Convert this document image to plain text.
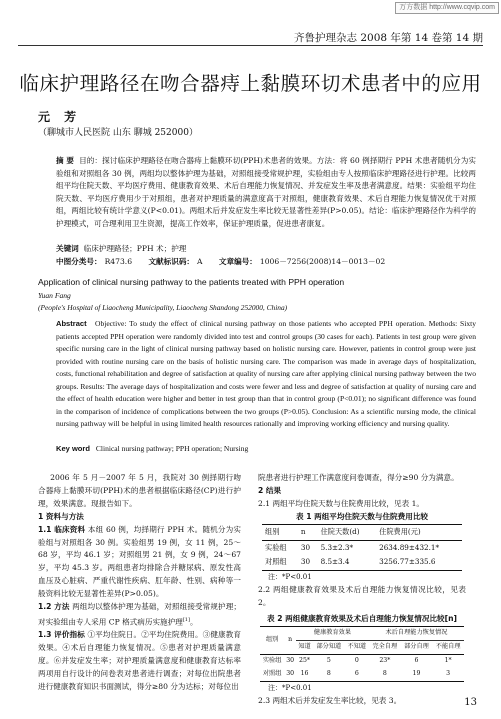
万方数据 http://www.cqvip.com
齐鲁护理杂志 2008 年第 14 卷第 14 期
临床护理路径在吻合器痔上黏膜环切术患者中的应用
元 芳
（聊城市人民医院 山东 聊城 252000）
摘 要 目的：探讨临床护理路径在吻合器痔上黏膜环切(PPH)术患者的效果。方法：将 60 例择期行 PPH 术患者随机分为实验组和对照组各 30 例，两组均以整体护理为基础，对照组接受常规护理，实验组由专人按照临床护理路径进行护理。比较两组平均住院天数、平均医疗费用、健康教育效果、术后自理能力恢复情况、并发症发生率及患者满意度。结果：实验组平均住院天数、平均医疗费用少于对照组，患者对护理质量的满意度高于对照组，健康教育效果、术后自理能力恢复情况优于对照组，两组比较有统计学意义(P<0.01)。两组术后并发症发生率比较无显著性差异(P>0.05)。结论：临床护理路径作为科学的护理模式，可合理利用卫生资源，提高工作效率，保证护理质量，促进患者康复。
关键词 临床护理路径；PPH 术；护理
中图分类号： R473.6 文献标识码： A 文章编号： 1006－7256(2008)14－0013－02
Application of clinical nursing pathway to the patients treated with PPH operation
Yuan Fang
(People's Hospital of Liaocheng Municipality, Liaocheng Shandong 252000, China)
Abstract Objective: To study the effect of clinical nursing pathway on those patients who accepted PPH operation. Methods: Sixty patients accepted PPH operation were randomly divided into test and control groups (30 cases for each). Patients in test group were given specific nursing care in the light of clinical nursing pathway based on holistic nursing care. However, patients in control group were just provided with routine nursing care on the basis of holistic nursing care. The comparison was made in average days of hospitalization, costs, functional rehabilitation and degree of satisfaction at quality of nursing care after applying clinical nursing pathway between the two groups. Results: The average days of hospitalization and costs were fewer and less and degree of satisfaction at quality of nursing care and the effect of health education were higher and better in test group than that in control group (P<0.01); no significant difference was found in the comparison of incidence of complications between the two groups (P>0.05). Conclusion: As a scientific nursing mode, the clinical nursing pathway will be helpful in using limited health resources rationally and improving working efficiency and nursing quality.
Key word Clinical nursing pathway; PPH operation; Nursing

2006 年 5 月－2007 年 5 月，我院对 30 例择期行吻合器痔上黏膜环切(PPH)术的患者根据临床路径(CP)进行护理，效果满意。现报告如下。

1 资料与方法

1.1 临床资料 本组 60 例，均择期行 PPH 术。随机分为实验组与对照组各 30 例。实验组男 19 例，女 11 例，25～68 岁，平均 46.1 岁；对照组男 21 例，女 9 例，24～67 岁，平均 45.3 岁。两组患者均排除合并糖尿病、原发性高血压及心脏病、严重代谢性疾病、肛年龄、性别、病种等一般资料比较无显著性差异(P>0.05)。

1.2 方法 两组均以整体护理为基础，对照组接受常规护理；对实验组由专人采用 CP 格式病历实施护理[1]。

1.3 评价指标 ①平均住院日。②平均住院费用。③健康教育效果。④术后自理能力恢复情况。⑤患者对护理质量满意度。⑥并发症发生率；对护理质量满意度和健康教育达标率两项用自行设计的问卷表对患者进行调查；对每位出院患者进行健康教育知识书面测试，得分≥80 分为达标；对每位出

院患者进行护理工作满意度问卷调查，得分≥90 分为满意。

2 结果

2.1 两组平均住院天数与住院费用比较，见表 1。

表 1 两组平均住院天数与住院费用比较
组别	n	住院天数(d)	住院费用(元)
实验组	30	5.3±2.3*	2634.89±432.1*
对照组	30	8.5±3.4	3256.77±335.6

注：*P<0.01

2.2 两组健康教育效果及术后自理能力恢复情况比较，见表 2。

表 2 两组健康教育效果及术后自理能力恢复情况比较[n]
组别	n	健康教育效果			术后自理能力恢复情况		
		知道	部分知道	不知道	完全自理	部分自理	不能自理
实验组	30	25*	5	0	23*	6	1*
对照组	30	16	8	6	8	19	3

注：*P<0.01

2.3 两组术后并发症发生率比较，见表 3。	13
